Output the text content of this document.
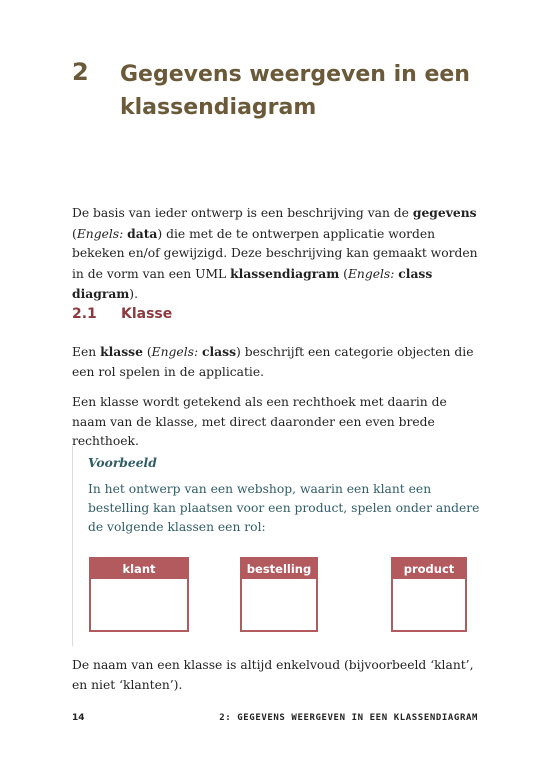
2 Gegevens weergeven in een klassendiagram

De basis van ieder ontwerp is een beschrijving van de gegevens (Engels: data) die met de te ontwerpen applicatie worden bekeken en/of gewijzigd. Deze beschrijving kan gemaakt worden in de vorm van een UML klassendiagram (Engels: class diagram).

2.1 Klasse

Een klasse (Engels: class) beschrijft een categorie objecten die een rol spelen in de applicatie.

Een klasse wordt getekend als een rechthoek met daarin de naam van de klasse, met direct daaronder een even brede rechthoek.

Voorbeeld

In het ontwerp van een webshop, waarin een klant een bestelling kan plaatsen voor een product, spelen onder andere de volgende klassen een rol:

klant	bestelling	product

De naam van een klasse is altijd enkelvoud (bijvoorbeeld ‘klant’, en niet ‘klanten’).

14	2: GEGEVENS WEERGEVEN IN EEN KLASSENDIAGRAM
